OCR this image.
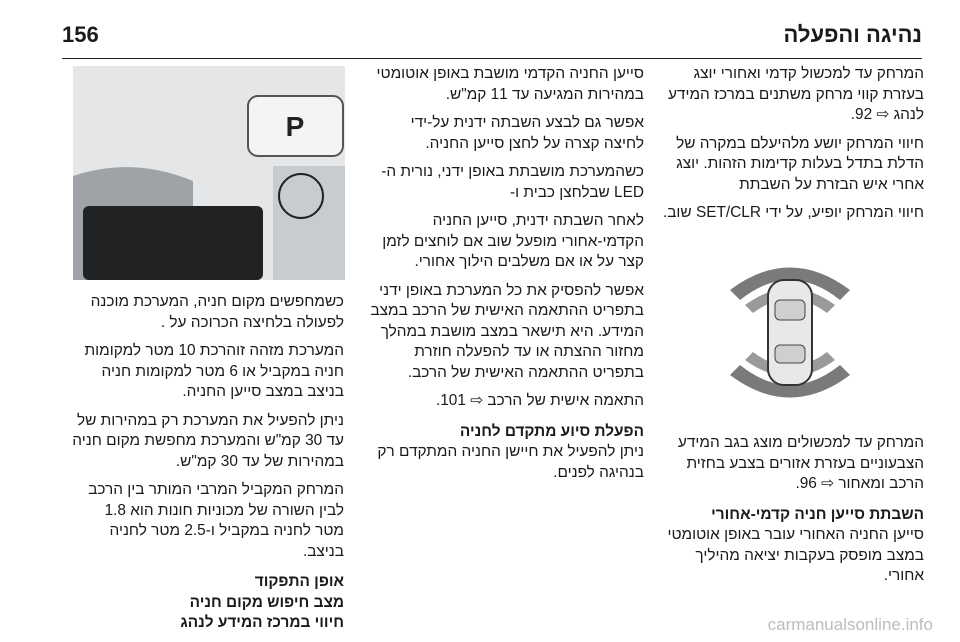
156	נהיגה והפעלה

המרחק עד למכשול קדמי ואחורי יוצג בעזרת קווי מרחק משתנים במרכז המידע לנהג ⇨ 92.

חיווי המרחק יושע מלהיעלם במקרה של הדלת בתדל בעלות קדימות הזהות. יוצג אחרי איש הבזרת על השבתת

חיווי המרחק יופיע, על ידי SET/CLR שוב.

המרחק עד למכשולים מוצג בגב המידע הצבעוניים בעזרת אזורים בצבע בחזית הרכב ומאחור ⇨ 96.

השבתת סייען חניה קדמי-אחורי

סייען החניה האחורי עובר באופן אוטומטי במצב מופסק בעקבות יציאה מהיליך אחורי.

סייען החניה הקדמי מושבת באופן אוטומטי במהירות המגיעה עד 11 קמ"ש.

אפשר גם לבצע השבתה ידנית על-ידי לחיצה קצרה על לחצן סייען החניה.

כשהמערכת מושבתת באופן ידני, נורית ה-LED שבלחצן כבית ו-

לאחר השבתה ידנית, סייען החניה הקדמי-אחורי מופעל שוב אם לוחצים לזמן קצר על או אם משלבים הילוך אחורי.

אפשר להפסיק את כל המערכת באופן ידני בתפריט ההתאמה האישית של הרכב במצב המידע. היא תישאר במצב מושבת במהלך מחזור ההצתה או עד להפעלה חוזרת בתפריט ההתאמה האישית של הרכב.

התאמה אישית של הרכב ⇨ 101.

הפעלת סיוע מתקדם לחניה

ניתן להפעיל את חיישן החניה המתקדם רק בנהיגה לפנים.

P

כשמחפשים מקום חניה, המערכת מוכנה לפעולה בלחיצה הכרוכה על .

המערכת מזהה זוהרכת 10 מטר למקומות חניה במקביל או 6 מטר למקומות חניה בניצב במצב סייען החניה.

ניתן להפעיל את המערכת רק במהירות של עד 30 קמ"ש והמערכת מחפשת מקום חניה במהירות של עד 30 קמ"ש.

המרחק המקביל המרבי המותר בין הרכב לבין השורה של מכוניות חונות הוא 1.8 מטר לחניה במקביל ו-2.5 מטר לחניה בניצב.

אופן התפקוד
מצב חיפוש מקום חניה
חיווי במרכז המידע לנהג	carmanualsonline.info
